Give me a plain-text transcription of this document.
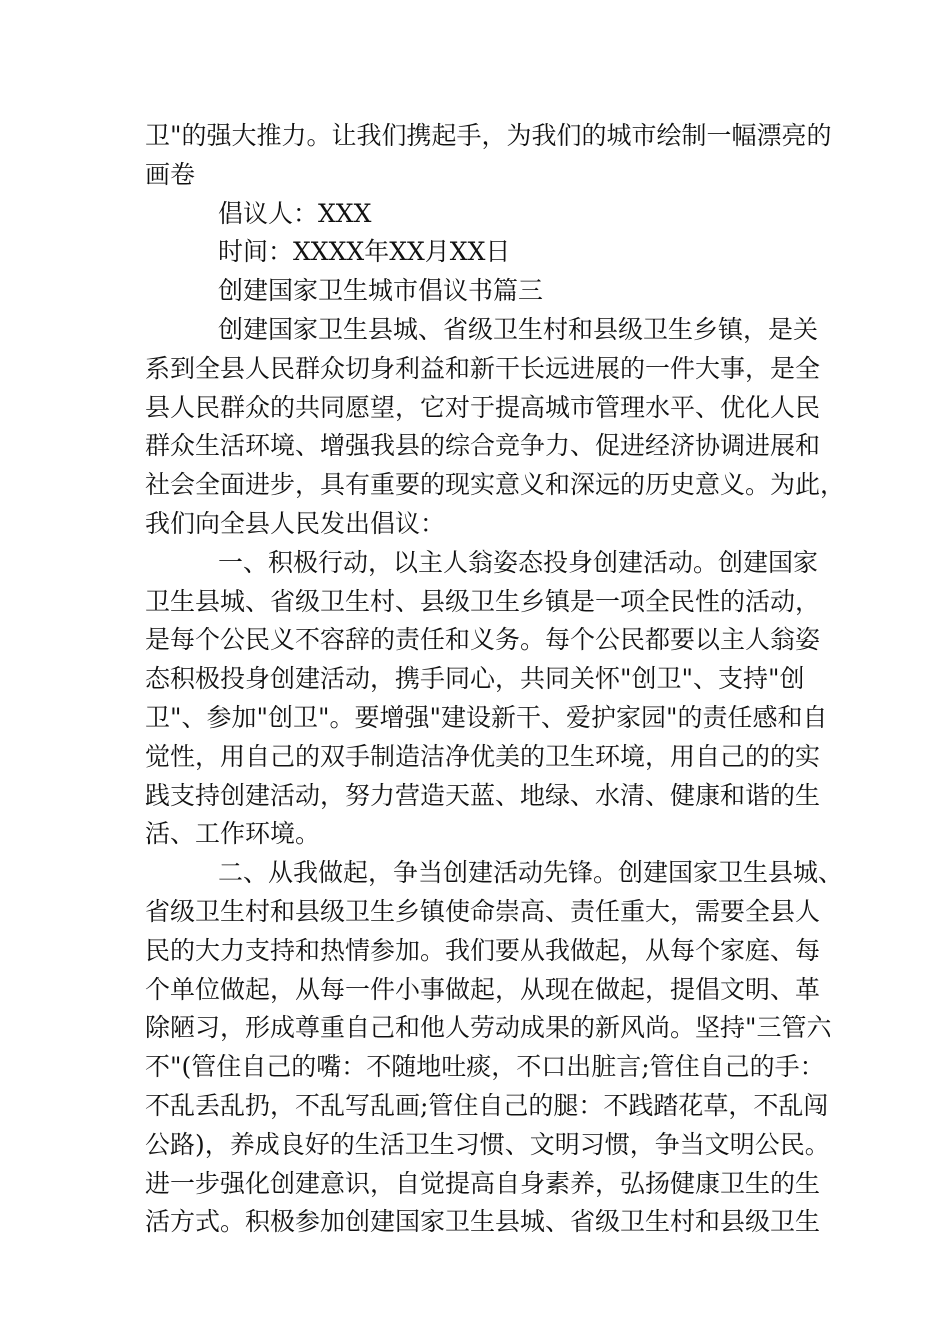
卫"的强大推力。让我们携起手，为我们的城市绘制一幅漂亮的
画卷
倡议人：XXX
时间：XXXX年XX月XX日
创建国家卫生城市倡议书篇三
创建国家卫生县城、省级卫生村和县级卫生乡镇，是关
系到全县人民群众切身利益和新干长远进展的一件大事，是全
县人民群众的共同愿望，它对于提高城市管理水平、优化人民
群众生活环境、增强我县的综合竞争力、促进经济协调进展和
社会全面进步，具有重要的现实意义和深远的历史意义。为此，
我们向全县人民发出倡议：
一、积极行动，以主人翁姿态投身创建活动。创建国家
卫生县城、省级卫生村、县级卫生乡镇是一项全民性的活动，
是每个公民义不容辞的责任和义务。每个公民都要以主人翁姿
态积极投身创建活动，携手同心，共同关怀"创卫"、支持"创
卫"、参加"创卫"。要增强"建设新干、爱护家园"的责任感和自
觉性，用自己的双手制造洁净优美的卫生环境，用自己的的实
践支持创建活动，努力营造天蓝、地绿、水清、健康和谐的生
活、工作环境。
二、从我做起，争当创建活动先锋。创建国家卫生县城、
省级卫生村和县级卫生乡镇使命崇高、责任重大，需要全县人
民的大力支持和热情参加。我们要从我做起，从每个家庭、每
个单位做起，从每一件小事做起，从现在做起，提倡文明、革
除陋习，形成尊重自己和他人劳动成果的新风尚。坚持"三管六
不"(管住自己的嘴：不随地吐痰，不口出脏言;管住自己的手：
不乱丢乱扔，不乱写乱画;管住自己的腿：不践踏花草，不乱闯
公路)，养成良好的生活卫生习惯、文明习惯，争当文明公民。
进一步强化创建意识，自觉提高自身素养，弘扬健康卫生的生
活方式。积极参加创建国家卫生县城、省级卫生村和县级卫生
